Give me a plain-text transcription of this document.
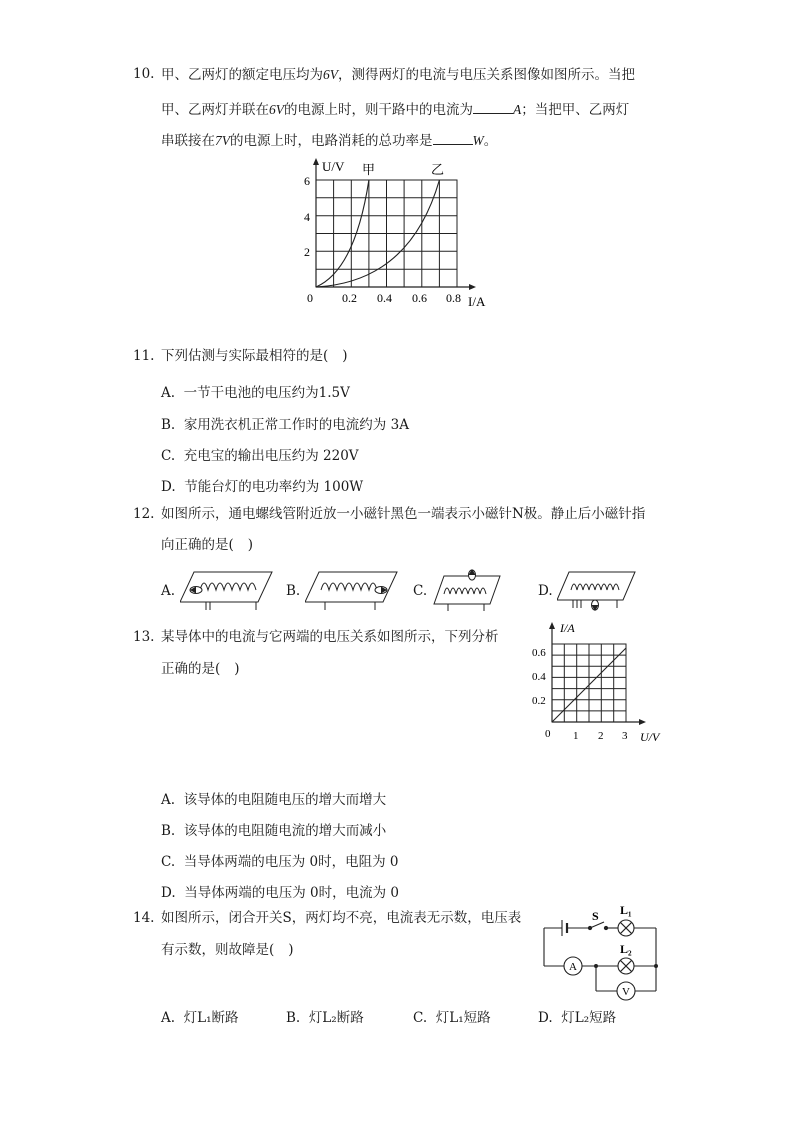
10. 甲、乙两灯的额定电压均为6V，测得两灯的电流与电压关系图像如图所示。当把
甲、乙两灯并联在6V的电源上时，则干路中的电流为	A；当把甲、乙两灯
串联接在7V的电源上时，电路消耗的总功率是	W。
U/V 甲	乙
2
4
6
0 0.2 0.4 0.6 0.8 I/A
11. 下列估测与实际最相符的是( )
A. 一节干电池的电压约为1.5V
B. 家用洗衣机正常工作时的电流约为 3A
C. 充电宝的输出电压约为 220V
D. 节能台灯的电功率约为 100W
12. 如图所示，通电螺线管附近放一小磁针黑色一端表示小磁针N极。静止后小磁针指
向正确的是( )
A.	B.	C.	D.
13. 某导体中的电流与它两端的电压关系如图所示，下列分析
正确的是( )
I/A
0.2
0.4
0.6
0 1 2 3 U/V
A. 该导体的电阻随电压的增大而增大
B. 该导体的电阻随电流的增大而减小
C. 当导体两端的电压为 0时，电阻为 0
D. 当导体两端的电压为 0时，电流为 0
14. 如图所示，闭合开关S，两灯均不亮，电流表无示数，电压表
有示数，则故障是( )
S L₁
L₂
A
V
A. 灯L₁断路	B. 灯L₂断路	C. 灯L₁短路	D. 灯L₂短路
